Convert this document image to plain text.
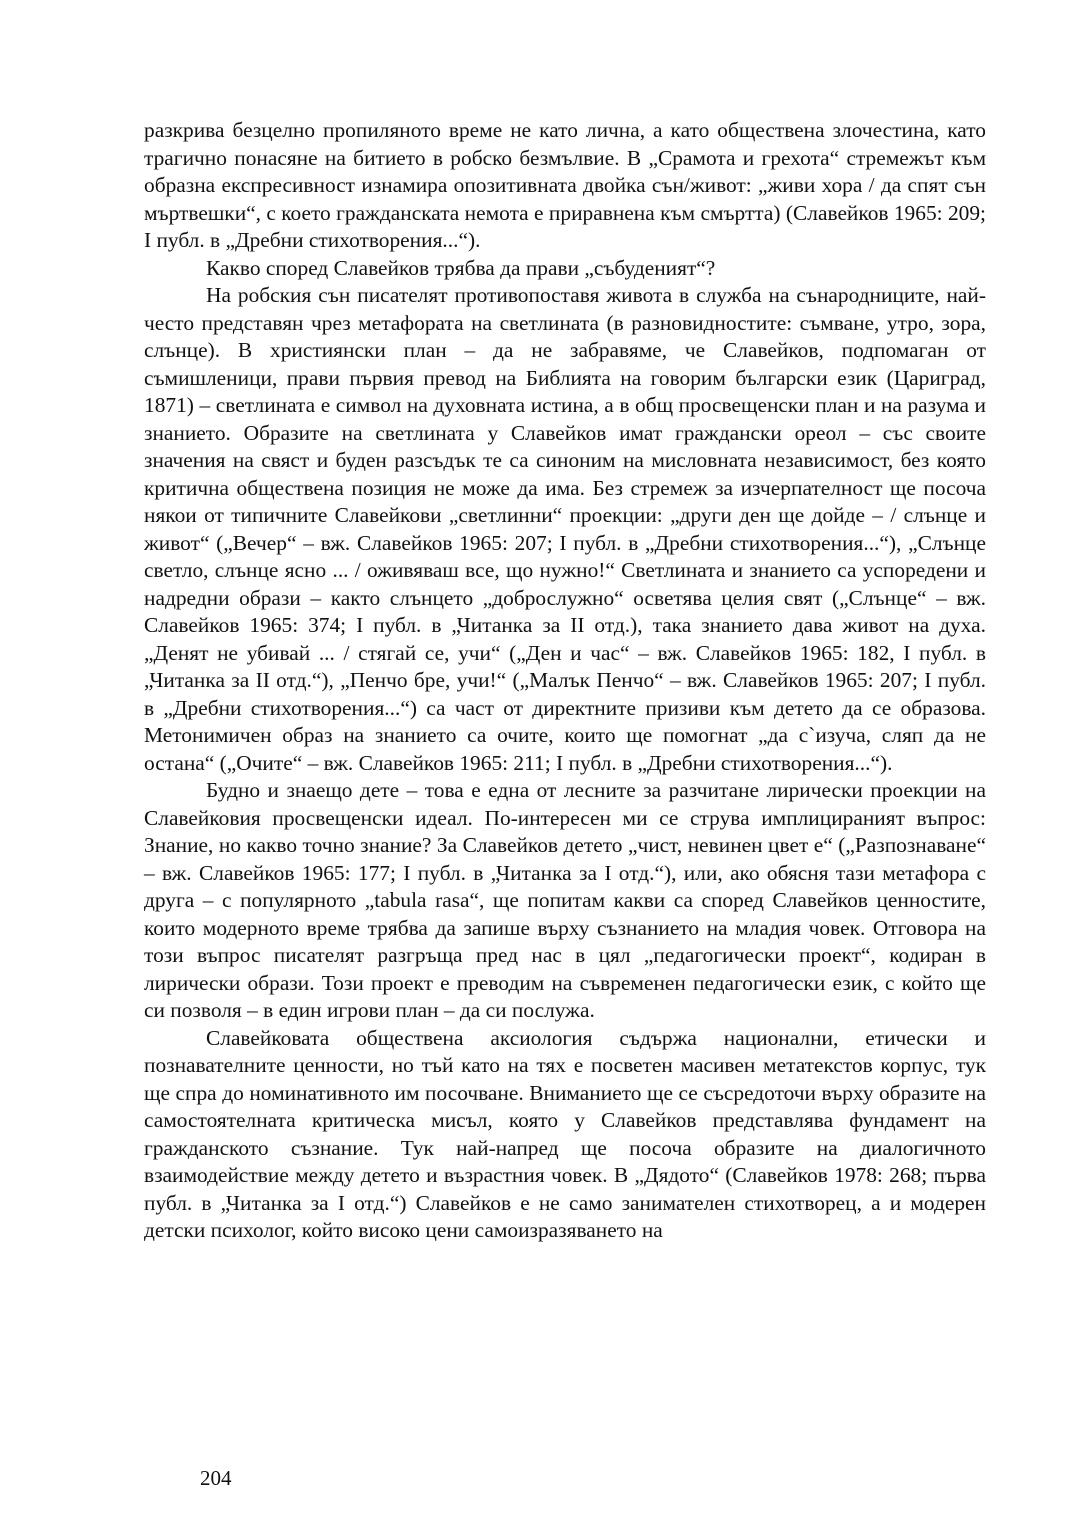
разкрива безцелно пропиляното време не като лична, а като обществена злочестина, като трагично понасяне на битието в робско безмълвие. В „Срамота и грехота“ стремежът към образна експресивност изнамира опозитивната двойка сън/живот: „живи хора / да спят сън мъртвешки“, с което гражданската немота е приравнена към смъртта) (Славейков 1965: 209; I публ. в „Дребни стихотворения...“).

Какво според Славейков трябва да прави „събуденият“?

На робския сън писателят противопоставя живота в служба на сънародниците, най-често представян чрез метафората на светлината (в разновидностите: съмване, утро, зора, слънце). В християнски план – да не забравяме, че Славейков, подпомаган от съмишленици, прави първия превод на Библията на говорим български език (Цариград, 1871) – светлината е символ на духовната истина, а в общ просвещенски план и на разума и знанието. Образите на светлината у Славейков имат граждански ореол – със своите значения на свяст и буден разсъдък те са синоним на мисловната независимост, без която критична обществена позиция не може да има. Без стремеж за изчерпателност ще посоча някои от типичните Славейкови „светлинни“ проекции: „други ден ще дойде – / слънце и живот“ („Вечер“ – вж. Славейков 1965: 207; I публ. в „Дребни стихотворения...“), „Слънце светло, слънце ясно ... / оживяваш все, що нужно!“ Светлината и знанието са успоредени и надредни образи – както слънцето „доброслужно“ осветява целия свят („Слънце“ – вж. Славейков 1965: 374; I публ. в „Читанка за II отд.), така знанието дава живот на духа. „Денят не убивай ... / стягай се, учи“ („Ден и час“ – вж. Славейков 1965: 182, I публ. в „Читанка за II отд.“), „Пенчо бре, учи!“ („Малък Пенчо“ – вж. Славейков 1965: 207; I публ. в „Дребни стихотворения...“) са част от директните призиви към детето да се образова. Метонимичен образ на знанието са очите, които ще помогнат „да с`изуча, сляп да не остана“ („Очите“ – вж. Славейков 1965: 211; I публ. в „Дребни стихотворения...“).

Будно и знаещо дете – това е една от лесните за разчитане лирически проекции на Славейковия просвещенски идеал. По-интересен ми се струва имплицираният въпрос: Знание, но какво точно знание? За Славейков детето „чист, невинен цвет е“ („Разпознаване“ – вж. Славейков 1965: 177; I публ. в „Читанка за I отд.“), или, ако обясня тази метафора с друга – с популярното „tabula rasa“, ще попитам какви са според Славейков ценностите, които модерното време трябва да запише върху съзнанието на младия човек. Отговора на този въпрос писателят разгръща пред нас в цял „педагогически проект“, кодиран в лирически образи. Този проект е преводим на съвременен педагогически език, с който ще си позволя – в един игрови план – да си послужа.

Славейковата обществена аксиология съдържа национални, етически и познавателните ценности, но тъй като на тях е посветен масивен метатекстов корпус, тук ще спра до номинативното им посочване. Вниманието ще се съсредоточи върху образите на самостоятелната критическа мисъл, която у Славейков представлява фундамент на гражданското съзнание. Тук най-напред ще посоча образите на диалогичното взаимодействие между детето и възрастния човек. В „Дядото“ (Славейков 1978: 268; първа публ. в „Читанка за I отд.“) Славейков е не само занимателен стихотворец, а и модерен детски психолог, който високо цени самоизразяването на

204
